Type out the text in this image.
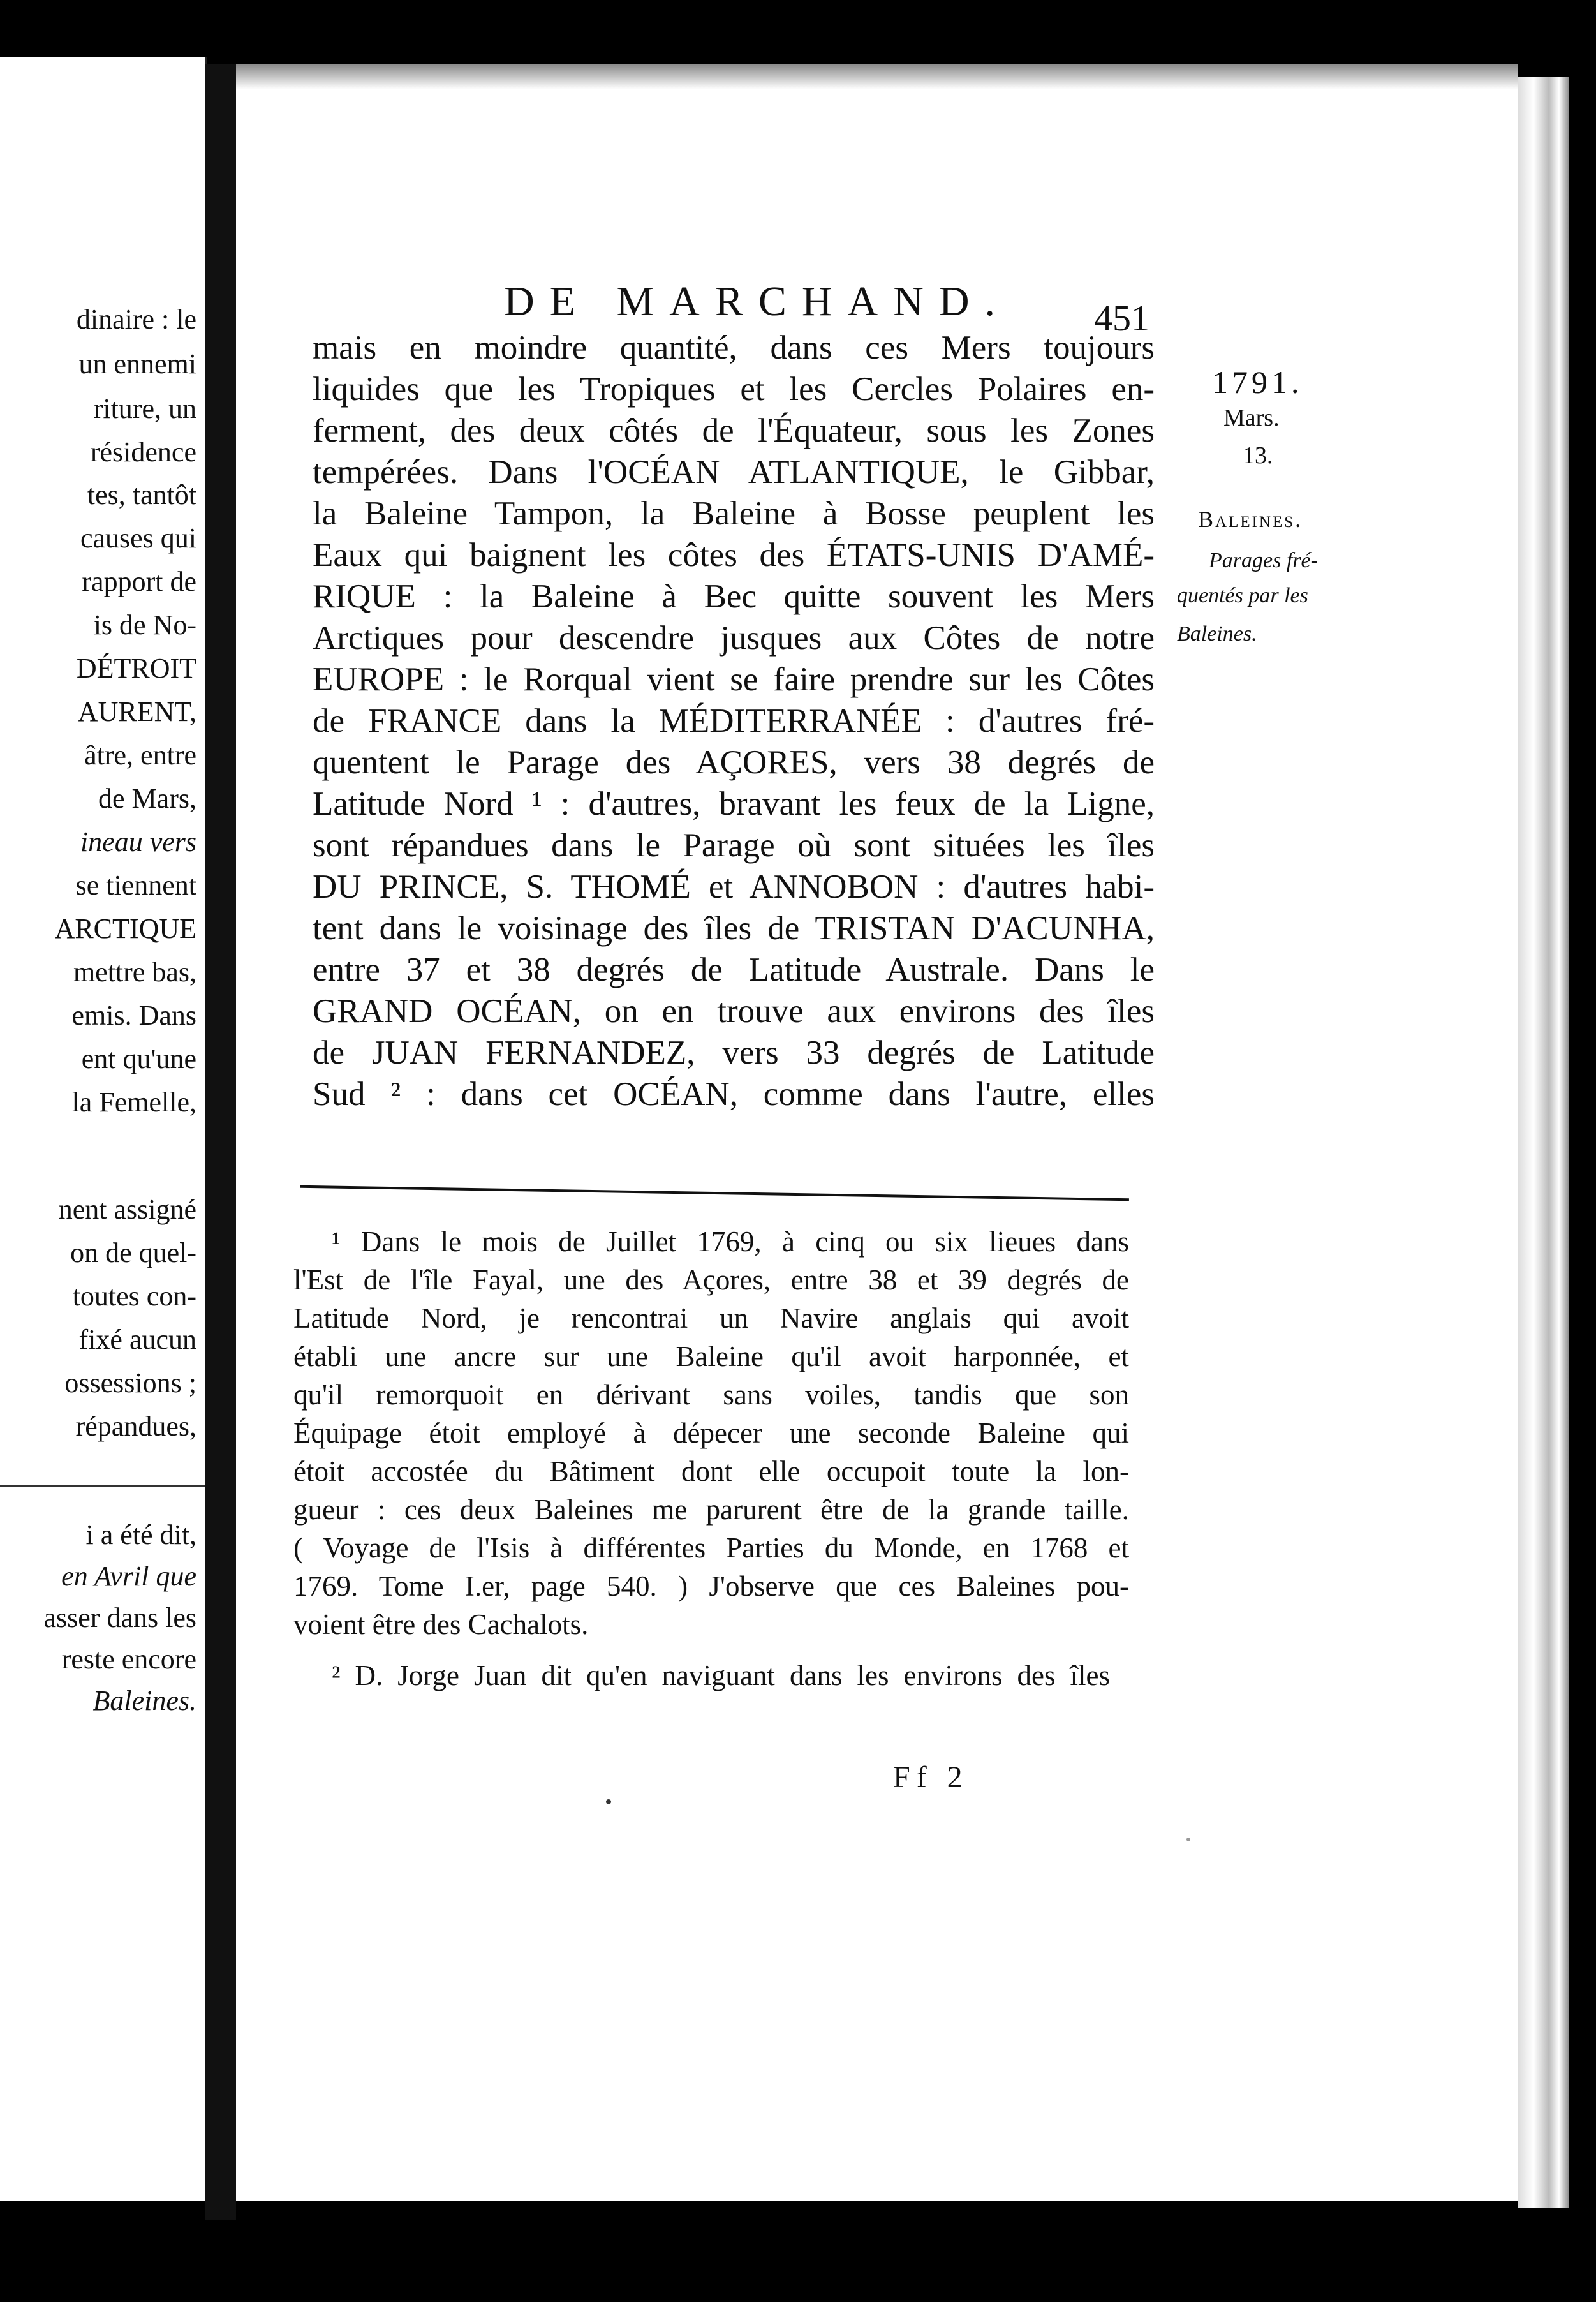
dinaire : le
un ennemi
riture, un
résidence
tes, tantôt
causes qui
rapport de
is de No-
DÉTROIT
AURENT,
âtre, entre
de Mars,
ineau vers
se tiennent
ARCTIQUE
mettre bas,
emis. Dans
ent qu'une
la Femelle,
nent assigné
on de quel-
toutes con-
fixé aucun
ossessions ;
répandues,
i a été dit,
en Avril que
asser dans les
reste encore
Baleines.
DE MARCHAND. 451
mais en moindre quantité, dans ces Mers toujours
liquides que les Tropiques et les Cercles Polaires en-
ferment, des deux côtés de l'Équateur, sous les Zones
tempérées. Dans l'OCÉAN ATLANTIQUE, le Gibbar,
la Baleine Tampon, la Baleine à Bosse peuplent les
Eaux qui baignent les côtes des ÉTATS-UNIS D'AMÉ-
RIQUE : la Baleine à Bec quitte souvent les Mers
Arctiques pour descendre jusques aux Côtes de notre
EUROPE : le Rorqual vient se faire prendre sur les Côtes
de FRANCE dans la MÉDITERRANÉE : d'autres fré-
quentent le Parage des AÇORES, vers 38 degrés de
Latitude Nord ¹ : d'autres, bravant les feux de la Ligne,
sont répandues dans le Parage où sont situées les îles
DU PRINCE, S. THOMÉ et ANNOBON : d'autres habi-
tent dans le voisinage des îles de TRISTAN D'ACUNHA,
entre 37 et 38 degrés de Latitude Australe. Dans le
GRAND OCÉAN, on en trouve aux environs des îles
de JUAN FERNANDEZ, vers 33 degrés de Latitude
Sud ² : dans cet OCÉAN, comme dans l'autre, elles
¹ Dans le mois de Juillet 1769, à cinq ou six lieues dans
l'Est de l'île Fayal, une des Açores, entre 38 et 39 degrés de
Latitude Nord, je rencontrai un Navire anglais qui avoit
établi une ancre sur une Baleine qu'il avoit harponnée, et
qu'il remorquoit en dérivant sans voiles, tandis que son
Équipage étoit employé à dépecer une seconde Baleine qui
étoit accostée du Bâtiment dont elle occupoit toute la lon-
gueur : ces deux Baleines me parurent être de la grande taille.
( Voyage de l'Isis à différentes Parties du Monde, en 1768 et
1769. Tome I.er, page 540. ) J'observe que ces Baleines pou-
voient être des Cachalots.
² D. Jorge Juan dit qu'en naviguant dans les environs des îles
Ff 2
1791.
Mars.
13.
Baleines.
Parages fré-
quentés par les
Baleines.
